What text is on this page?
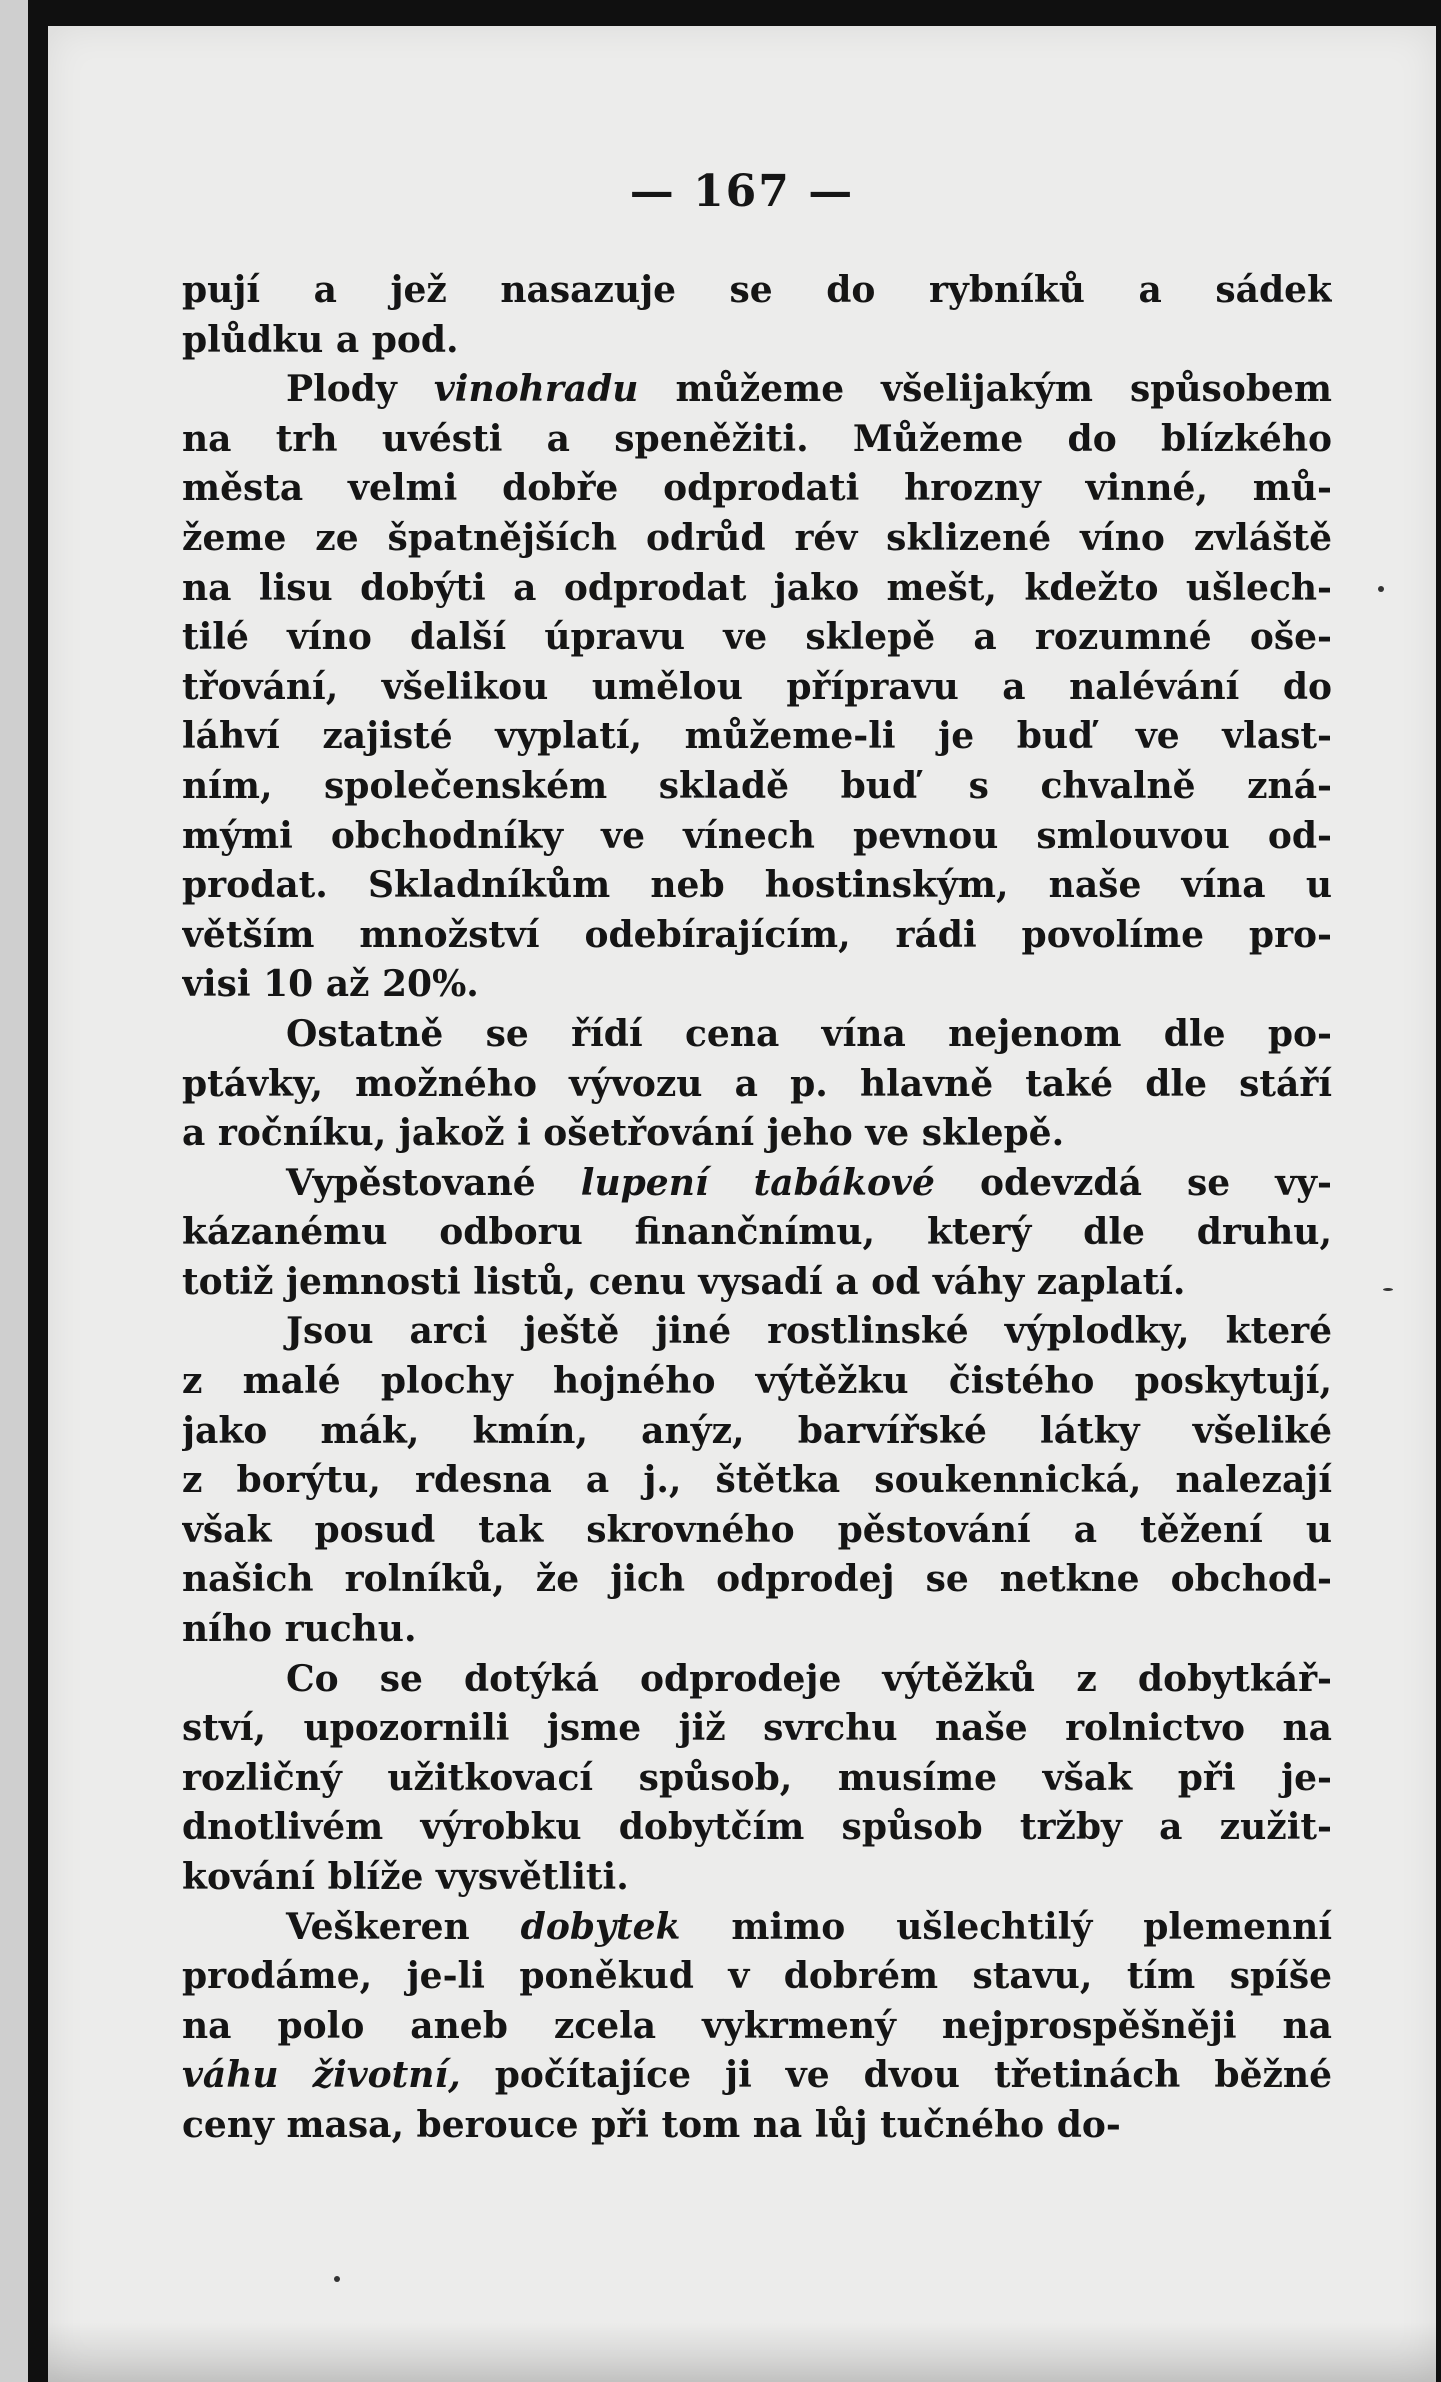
— 167 —
pují a jež nasazuje se do rybníků a sádek
plůdku a pod.
Plody vinohradu můžeme všelijakým spůsobem
na trh uvésti a speněžiti. Můžeme do blízkého
města velmi dobře odprodati hrozny vinné, mů-
žeme ze špatnějších odrůd rév sklizené víno zvláště
na lisu dobýti a odprodat jako mešt, kdežto ušlech-
tilé víno další úpravu ve sklepě a rozumné oše-
třování, všelikou umělou přípravu a nalévání do
láhví zajisté vyplatí, můžeme-li je buď ve vlast-
ním, společenském skladě buď s chvalně zná-
mými obchodníky ve vínech pevnou smlouvou od-
prodat. Skladníkům neb hostinským, naše vína u
větším množství odebírajícím, rádi povolíme pro-
visi 10 až 20%.
Ostatně se řídí cena vína nejenom dle po-
ptávky, možného vývozu a p. hlavně také dle stáří
a ročníku, jakož i ošetřování jeho ve sklepě.
Vypěstované lupení tabákové odevzdá se vy-
kázanému odboru finančnímu, který dle druhu,
totiž jemnosti listů, cenu vysadí a od váhy zaplatí.
Jsou arci ještě jiné rostlinské výplodky, které
z malé plochy hojného výtěžku čistého poskytují,
jako mák, kmín, anýz, barvířské látky všeliké
z borýtu, rdesna a j., štětka soukennická, nalezají
však posud tak skrovného pěstování a těžení u
našich rolníků, že jich odprodej se netkne obchod-
ního ruchu.
Co se dotýká odprodeje výtěžků z dobytkář-
ství, upozornili jsme již svrchu naše rolnictvo na
rozličný užitkovací spůsob, musíme však při je-
dnotlivém výrobku dobytčím spůsob tržby a zužit-
kování blíže vysvětliti.
Veškeren dobytek mimo ušlechtilý plemenní
prodáme, je-li poněkud v dobrém stavu, tím spíše
na polo aneb zcela vykrmený nejprospěšněji na
váhu životní, počítajíce ji ve dvou třetinách běžné
ceny masa, berouce při tom na lůj tučného do-
